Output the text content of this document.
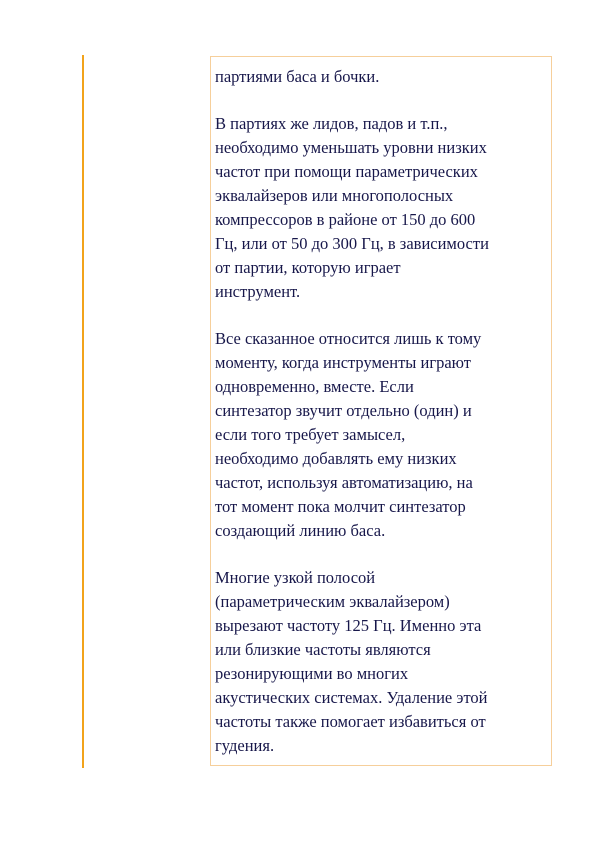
партиями баса и бочки.

В партиях же лидов, падов и т.п.,
необходимо уменьшать уровни низких
частот при помощи параметрических
эквалайзеров или многополосных
компрессоров в районе от 150 до 600
Гц, или от 50 до 300 Гц, в зависимости
от партии, которую играет
инструмент.

Все сказанное относится лишь к тому
моменту, когда инструменты играют
одновременно, вместе. Если
синтезатор звучит отдельно (один) и
если того требует замысел,
необходимо добавлять ему низких
частот, используя автоматизацию, на
тот момент пока молчит синтезатор
создающий линию баса.

Многие узкой полосой
(параметрическим эквалайзером)
вырезают частоту 125 Гц. Именно эта
или близкие частоты являются
резонирующими во многих
акустических системах. Удаление этой
частоты также помогает избавиться от
гудения.
